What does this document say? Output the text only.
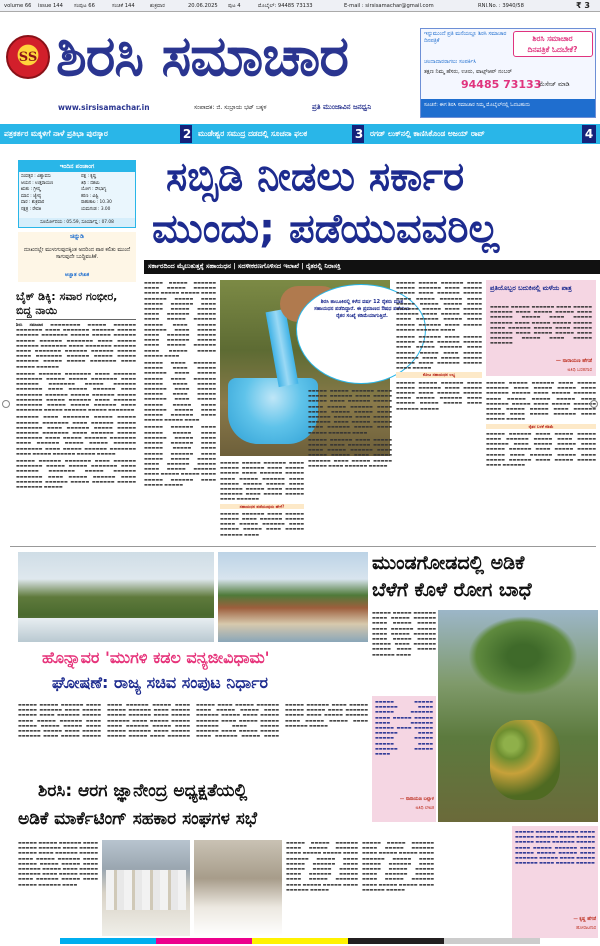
volume 66 issue 144 ಸಂಪುಟ 66	ಸಂಚಿಕೆ 144	ಶುಕ್ರವಾರ	20.06.2025 ಪುಟ 4	ಮೊಬೈಲ್: 94485 73133	E-mail : sirsisamachar@gmail.com	RNI.No. : 3940/58	₹ 3
SS ಶಿರಸಿ ಸಮಾಚಾರ
www.sirsisamachar.in	ಸಂಪಾದಕ: ಜಿ. ಸುಬ್ರಾಯ ಭಟ್ ಬಕ್ಕಳ	ಪ್ರತಿ ಮುಂಜಾವಿನ ಜನಧ್ವನಿ
ಇನ್ನುಮುಂದೆ ಪ್ರತಿ ಮನೆಯಲ್ಲೂ ಶಿರಸಿ ಸಮಾಚಾರ ದಿನಪತ್ರಿಕೆ	ಶಿರಸಿ ಸಮಾಚಾರ
ದಿನಪತ್ರಿಕೆ ಓದಬೇಕೆ?
ಚಂದಾದಾರರಾಗಲು ಸಂಪರ್ಕಿಸಿ
ತಕ್ಷಣ ನಿಮ್ಮ ಹೆಸರು, ಊರು, ವಾಟ್ಸ್‌ಆಪ್ ನಂಬರ್
94485 73133
ಮೆಸೇಜ್ ಮಾಡಿ
ಸೂಚನೆ: ಈಗ ಶಿರಸಿ ಸಮಾಚಾರ ನಿಮ್ಮ ಮೊಬೈಲ್‌ನಲ್ಲಿ ಓದಬಹುದು
ಪತ್ರಕರ್ತರ ಮಕ್ಕಳಿಗೆ ನಾಳೆ ಪ್ರತಿಭಾ ಪುರಸ್ಕಾರ	2 ಮುಡೇಶ್ವರ ಸಮುದ್ರ ದಡದಲ್ಲಿ ಸೂಚನಾ ಫಲಕ	3 ರಗಡ್ ಲುಕ್‌ನಲ್ಲಿ ಕಾಣಿಸಿಕೊಂಡ ಅಜಯ್ ರಾವ್	4
ಇಂದಿನ ಪಂಚಾಂಗ
ಸಂವತ್ಸರ : ವಿಶ್ವಾವಸು
ಆಯನ : ಉತ್ತರಾಯಣ
ಋತು : ಗ್ರೀಷ್ಮ
ಮಾಸ : ಜ್ಯೇಷ್ಠ
ವಾರ : ಶುಕ್ರವಾರ
ನಕ್ಷತ್ರ : ರೇವತಿ
ಪಕ್ಷ : ಕೃಷ್ಣ
ತಿಥಿ : ದಶಮಿ
ಯೋಗ : ಸೌಭಾಗ್ಯ
ಕರಣ : ವಿಷ್ಟಿ
ರಾಹುಕಾಲ : 10.30
ಯಮಗಂಡ : 3.00
ಸೂರ್ಯೋದಯ : 05.59, ಸೂರ್ಯಾಸ್ತ : 07.08
ಚಿನ್ನುಡಿ
ದುಃಖದಲ್ಲೇ ಮುಳುಗುವುದಕ್ಕಿಂತ ಅದರಿಂದ ಪಾಠ ಕಲಿತು ಮುಂದೆ ಸಾಗುವುದೇ ಬುದ್ಧಿವಂತಿಕೆ.
ಅಜ್ಞಾತ ಲೇಖಕ
ಸಬ್ಸಿಡಿ ನೀಡಲು ಸರ್ಕಾರ
ಮುಂದು; ಪಡೆಯುವವರಿಲ್ಲ
ಸರ್ಕಾರದಿಂದ ಮೈಲುತುತ್ತಕ್ಕೆ ಸಹಾಯಧನ | ಸದಳೀಕರಣಗೊಳಿಸದ ಇಲಾಖೆ | ರೈತರಲ್ಲಿ ನಿರಾಸಕ್ತಿ
ಬೈಕ್ ಡಿಕ್ಕಿ: ಸವಾರ ಗಂಭೀರ, ಬಿದ್ದ ನಾಯಿ

ಶಿರಸಿ ಸಮಾಚಾರ ▬▬▬▬▬▬▬▬ ▬▬▬▬▬ ▬▬▬▬▬▬ ▬▬▬▬▬▬▬ ▬▬▬▬ ▬▬▬▬▬▬▬ ▬▬▬▬▬▬ ▬▬▬▬▬ ▬▬▬▬▬▬ ▬▬▬▬▬▬▬ ▬▬▬▬▬ ▬▬▬▬▬ ▬▬▬▬▬▬ ▬▬▬▬▬ ▬▬▬▬▬▬ ▬▬▬▬▬▬▬ ▬▬▬▬ ▬▬▬▬▬ ▬▬▬▬▬▬ ▬▬▬▬▬▬▬ ▬▬▬▬ ▬▬▬▬▬▬▬ ▬▬▬▬▬▬ ▬▬▬▬ ▬▬▬▬▬▬▬ ▬▬▬▬▬▬ ▬▬▬▬▬▬ ▬▬▬▬▬ ▬▬▬▬ ▬▬▬▬▬▬▬ ▬▬▬▬▬▬ ▬▬▬▬▬ ▬▬▬▬▬ ▬▬▬▬▬▬ ▬▬▬▬▬ ▬▬▬▬▬ ▬▬▬▬▬▬▬ ▬▬▬▬ ▬▬▬▬▬ ▬▬▬▬▬▬

▬▬▬▬▬ ▬▬▬▬▬▬ ▬▬▬▬▬▬▬ ▬▬▬▬ ▬▬▬▬▬▬ ▬▬▬▬▬▬▬ ▬▬▬▬▬ ▬▬▬▬▬ ▬▬▬▬▬▬▬ ▬▬▬▬ ▬▬▬▬▬▬ ▬▬▬▬▬▬▬ ▬▬▬▬▬ ▬▬▬▬▬▬ ▬▬▬▬▬▬▬ ▬▬▬▬ ▬▬▬▬▬ ▬▬▬▬▬▬ ▬▬▬▬ ▬▬▬▬▬▬▬ ▬▬▬▬▬▬ ▬▬▬▬▬ ▬▬▬▬▬▬ ▬▬▬▬▬ ▬▬▬▬▬▬▬ ▬▬▬▬▬ ▬▬▬▬▬▬ ▬▬▬▬ ▬▬▬▬▬▬ ▬▬▬▬▬▬▬ ▬▬▬▬▬ ▬▬▬▬▬ ▬▬▬▬▬▬ ▬▬▬▬ ▬▬▬▬▬▬▬ ▬▬▬▬▬ ▬▬▬▬▬▬ ▬▬▬▬▬ ▬▬▬▬▬▬▬

▬▬▬▬▬▬ ▬▬▬▬ ▬▬▬▬▬▬▬ ▬▬▬▬▬ ▬▬▬▬▬ ▬▬▬▬▬▬ ▬▬▬▬▬▬▬ ▬▬▬▬ ▬▬▬▬▬▬ ▬▬▬▬▬ ▬▬▬▬▬▬▬ ▬▬▬▬ ▬▬▬▬▬▬ ▬▬▬▬▬ ▬▬▬▬▬ ▬▬▬▬▬▬ ▬▬▬▬▬▬▬ ▬▬▬▬ ▬▬▬▬▬▬ ▬▬▬▬▬ ▬▬▬▬▬▬▬ ▬▬▬▬ ▬▬▬▬▬ ▬▬▬▬▬▬ ▬▬▬▬▬▬▬ ▬▬▬▬ ▬▬▬▬▬▬ ▬▬▬▬▬ ▬▬▬▬▬ ▬▬▬▬▬▬ ▬▬▬▬▬▬▬ ▬▬▬▬ ▬▬▬▬▬ ▬▬▬▬▬▬ ▬▬▬▬▬▬▬ ▬▬▬▬ ▬▬▬▬▬ ▬▬▬▬▬▬ ▬▬▬▬▬ ▬▬▬▬▬

▬▬▬▬▬ ▬▬▬▬▬▬ ▬▬▬▬▬▬▬ ▬▬▬▬ ▬▬▬▬▬▬ ▬▬▬▬▬▬▬ ▬▬▬▬▬ ▬▬▬▬▬ ▬▬▬▬▬▬▬ ▬▬▬▬ ▬▬▬▬▬▬ ▬▬▬▬▬▬▬ ▬▬▬▬▬ ▬▬▬▬▬▬ ▬▬▬▬▬▬▬ ▬▬▬▬ ▬▬▬▬▬ ▬▬▬▬▬▬ ▬▬▬▬ ▬▬▬▬▬▬▬ ▬▬▬▬▬▬ ▬▬▬▬▬ ▬▬▬▬▬▬ ▬▬▬▬▬ ▬▬▬▬▬▬▬ ▬▬▬▬▬

ಶಿರಸಿ ತಾಲೂಕಿನಲ್ಲಿ ಕಳೆದ ವರ್ಷ 12 ರೈತರು ಮಾತ್ರ ಸಹಾಯಧನ ಪಡೆದಿದ್ದಾರೆ. ಈ ಪ್ರಮಾಣದ ಔಷಧ ಪಡೆಯಲು ರೈತರ ಸಂಖ್ಯೆ ಕಡಿಮೆಯಾಗುತ್ತಿದೆ.

▬▬▬▬▬ ▬▬▬▬▬ ▬▬▬▬▬▬ ▬▬▬▬ ▬▬▬▬▬ ▬▬▬▬▬▬ ▬▬▬▬ ▬▬▬▬▬ ▬▬▬▬▬ ▬▬▬▬ ▬▬▬▬▬▬ ▬▬▬▬▬ ▬▬▬▬ ▬▬▬▬▬ ▬▬▬▬▬▬ ▬▬▬▬ ▬▬▬▬▬ ▬▬▬▬▬ ▬▬▬▬▬ ▬▬▬▬ ▬▬▬▬▬▬ ▬▬▬▬▬ ▬▬▬▬ ▬▬▬▬▬ ▬▬▬▬▬▬ ▬▬▬▬▬ ▬▬▬▬ ▬▬▬▬▬ ▬▬▬▬▬▬ ▬▬▬▬ ▬▬▬▬▬ ▬▬▬▬ ▬▬▬▬▬▬ ▬▬▬▬▬ ▬▬▬▬ ▬▬▬▬▬▬ ▬▬▬▬▬ ▬▬▬▬ ▬▬▬▬▬ ▬▬▬▬▬▬ ▬▬▬▬ ▬▬▬▬▬ ▬▬▬▬▬ ▬▬▬▬▬ ▬▬▬▬

▬▬▬▬▬ ▬▬▬▬ ▬▬▬▬▬▬ ▬▬▬▬▬ ▬▬▬▬ ▬▬▬▬▬ ▬▬▬▬▬▬ ▬▬▬▬ ▬▬▬▬▬ ▬▬▬▬▬ ▬▬▬▬ ▬▬▬▬▬▬ ▬▬▬▬▬ ▬▬▬▬ ▬▬▬▬▬ ▬▬▬▬▬▬ ▬▬▬▬ ▬▬▬▬▬ ▬▬▬▬▬ ▬▬▬▬ ▬▬▬▬▬ ▬▬▬▬▬▬ ▬▬▬▬ ▬▬▬▬▬ ▬▬▬▬▬ ▬▬▬▬▬ ▬▬▬▬ ▬▬▬▬▬▬ ▬▬▬▬▬ ▬▬▬▬ ▬▬▬▬▬ ▬▬▬▬▬▬ ▬▬▬▬ ▬▬▬▬▬ ▬▬▬▬▬ ▬▬▬▬

▬▬▬▬▬ ▬▬▬▬▬▬ ▬▬▬▬ ▬▬▬▬▬ ▬▬▬▬▬ ▬▬▬▬ ▬▬▬▬▬▬ ▬▬▬▬▬ ▬▬▬▬ ▬▬▬▬▬ ▬▬▬▬▬▬ ▬▬▬▬ ▬▬▬▬▬ ▬▬▬▬▬ ▬▬▬▬ ▬▬▬▬▬ ▬▬▬▬▬▬ ▬▬▬▬ ▬▬▬▬▬ ▬▬▬▬▬ ▬▬▬▬▬ ▬▬▬▬ ▬▬▬▬▬▬ ▬▬▬▬▬ ▬▬▬▬ ▬▬▬▬▬ ▬▬▬▬▬▬ ▬▬▬▬ ▬▬▬▬▬ ▬▬▬▬▬ ▬▬▬▬ ▬▬▬▬▬ ▬▬▬▬▬▬ ▬▬▬▬ ▬▬▬▬▬ ▬▬▬▬▬

▬▬▬▬▬ ▬▬▬▬▬ ▬▬▬▬▬▬ ▬▬▬▬ ▬▬▬▬▬ ▬▬▬▬▬▬ ▬▬▬▬ ▬▬▬▬▬ ▬▬▬▬▬ ▬▬▬▬ ▬▬▬▬▬▬ ▬▬▬▬▬ ▬▬▬▬ ▬▬▬▬▬ ▬▬▬▬▬▬ ▬▬▬▬ ▬▬▬▬▬ ▬▬▬▬▬ ▬▬▬▬▬ ▬▬▬▬ ▬▬▬▬▬▬ ▬▬▬▬▬ ▬▬▬▬ ▬▬▬▬▬ ▬▬▬▬▬▬ ▬▬▬▬ ▬▬▬▬▬ ▬▬▬▬▬ ▬▬▬▬ ▬▬▬▬▬▬

ಸಹಾಯಧನ ಪಡೆಯುವುದು ಹೇಗೆ?

▬▬▬▬▬ ▬▬▬▬▬▬ ▬▬▬▬ ▬▬▬▬▬ ▬▬▬▬▬ ▬▬▬▬ ▬▬▬▬▬▬ ▬▬▬▬▬ ▬▬▬▬ ▬▬▬▬▬ ▬▬▬▬▬▬ ▬▬▬▬ ▬▬▬▬▬ ▬▬▬▬▬ ▬▬▬▬ ▬▬▬▬▬ ▬▬▬▬▬▬ ▬▬▬▬

▬▬▬▬▬ ▬▬▬▬▬ ▬▬▬▬▬▬ ▬▬▬▬ ▬▬▬▬▬ ▬▬▬▬▬▬ ▬▬▬▬ ▬▬▬▬▬ ▬▬▬▬▬ ▬▬▬▬ ▬▬▬▬▬▬ ▬▬▬▬▬ ▬▬▬▬ ▬▬▬▬▬ ▬▬▬▬▬▬ ▬▬▬▬ ▬▬▬▬▬ ▬▬▬▬▬ ▬▬▬▬▬ ▬▬▬▬ ▬▬▬▬▬▬ ▬▬▬▬▬ ▬▬▬▬ ▬▬▬▬▬ ▬▬▬▬▬▬ ▬▬▬▬ ▬▬▬▬▬ ▬▬▬▬▬ ▬▬▬▬ ▬▬▬▬▬▬ ▬▬▬▬▬ ▬▬▬▬ ▬▬▬▬▬ ▬▬▬▬▬▬ ▬▬▬▬

▬▬▬▬▬ ▬▬▬▬▬▬ ▬▬▬▬ ▬▬▬▬▬ ▬▬▬▬▬ ▬▬▬▬ ▬▬▬▬▬▬ ▬▬▬▬▬ ▬▬▬▬ ▬▬▬▬▬ ▬▬▬▬▬▬ ▬▬▬▬ ▬▬▬▬▬ ▬▬▬▬▬ ▬▬▬▬ ▬▬▬▬▬ ▬▬▬▬▬▬ ▬▬▬▬ ▬▬▬▬▬ ▬▬▬▬▬ ▬▬▬▬▬ ▬▬▬▬ ▬▬▬▬▬▬ ▬▬▬▬▬

▬▬▬▬▬ ▬▬▬▬▬ ▬▬▬▬▬▬ ▬▬▬▬ ▬▬▬▬▬ ▬▬▬▬▬▬ ▬▬▬▬ ▬▬▬▬▬ ▬▬▬▬▬ ▬▬▬▬ ▬▬▬▬▬▬ ▬▬▬▬▬ ▬▬▬▬ ▬▬▬▬▬ ▬▬▬▬▬▬ ▬▬▬▬ ▬▬▬▬▬ ▬▬▬▬▬ ▬▬▬▬▬ ▬▬▬▬ ▬▬▬▬▬▬ ▬▬▬▬▬ ▬▬▬▬ ▬▬▬▬▬ ▬▬▬▬▬▬ ▬▬▬▬ ▬▬▬▬▬ ▬▬▬▬▬ ▬▬▬▬ ▬▬▬▬▬▬ ▬▬▬▬▬ ▬▬▬▬ ▬▬▬▬▬ ▬▬▬▬▬▬ ▬▬▬▬ ▬▬▬▬▬ ▬▬▬▬▬ ▬▬▬▬▬▬ ▬▬▬▬

▬▬▬▬▬ ▬▬▬▬▬▬ ▬▬▬▬ ▬▬▬▬▬ ▬▬▬▬▬ ▬▬▬▬ ▬▬▬▬▬▬ ▬▬▬▬▬ ▬▬▬▬ ▬▬▬▬▬ ▬▬▬▬▬▬ ▬▬▬▬ ▬▬▬▬▬ ▬▬▬▬▬ ▬▬▬▬ ▬▬▬▬▬ ▬▬▬▬▬▬ ▬▬▬▬ ▬▬▬▬▬ ▬▬▬▬▬ ▬▬▬▬▬ ▬▬▬▬ ▬▬▬▬▬▬ ▬▬▬▬▬ ▬▬▬▬ ▬▬▬▬▬

ಕೋಟ ಸಹಾಯಧನ ಲಭ್ಯ

▬▬▬▬▬ ▬▬▬▬▬ ▬▬▬▬▬▬ ▬▬▬▬ ▬▬▬▬▬ ▬▬▬▬▬▬ ▬▬▬▬ ▬▬▬▬▬ ▬▬▬▬▬ ▬▬▬▬ ▬▬▬▬▬▬ ▬▬▬▬▬ ▬▬▬▬ ▬▬▬▬▬ ▬▬▬▬▬▬ ▬▬▬▬ ▬▬▬▬▬ ▬▬▬▬▬ ▬▬▬▬▬ ▬▬▬▬ ▬▬▬▬▬▬ ▬▬▬▬▬

ಪ್ರತಿಯೊಬ್ಬರ ಬದುಕಿನಲ್ಲಿ ಮಳೆಯ ಪಾತ್ರ

▬▬▬▬▬ ▬▬▬▬▬ ▬▬▬▬▬▬ ▬▬▬▬ ▬▬▬▬▬ ▬▬▬▬▬▬ ▬▬▬▬ ▬▬▬▬▬ ▬▬▬▬▬ ▬▬▬▬ ▬▬▬▬▬▬ ▬▬▬▬▬ ▬▬▬▬ ▬▬▬▬▬ ▬▬▬▬▬▬ ▬▬▬▬ ▬▬▬▬▬ ▬▬▬▬▬ ▬▬▬▬▬ ▬▬▬▬ ▬▬▬▬▬▬ ▬▬▬▬▬ ▬▬▬▬ ▬▬▬▬▬ ▬▬▬▬▬▬ ▬▬▬▬ ▬▬▬▬▬ ▬▬▬▬▬ ▬▬▬▬ ▬▬▬▬▬▬ ▬▬▬▬▬ ▬▬▬▬ ▬▬▬▬▬ ▬▬▬▬▬▬

— ನಾರಾಯಣ ಹೆಗಡೆ
ಅತಿಥಿ ಬರಹಗಾರ

▬▬▬▬▬ ▬▬▬▬▬ ▬▬▬▬▬▬ ▬▬▬▬ ▬▬▬▬▬ ▬▬▬▬▬▬ ▬▬▬▬ ▬▬▬▬▬ ▬▬▬▬▬ ▬▬▬▬ ▬▬▬▬▬▬ ▬▬▬▬▬ ▬▬▬▬ ▬▬▬▬▬ ▬▬▬▬▬▬ ▬▬▬▬ ▬▬▬▬▬ ▬▬▬▬▬ ▬▬▬▬▬ ▬▬▬▬ ▬▬▬▬▬▬ ▬▬▬▬▬ ▬▬▬▬ ▬▬▬▬▬ ▬▬▬▬▬▬ ▬▬▬▬ ▬▬▬▬▬ ▬▬▬▬▬ ▬▬▬▬ ▬▬▬▬▬▬ ▬▬▬▬▬ ▬▬▬▬ ▬▬▬▬▬ ▬▬▬▬▬▬ ▬▬▬▬ ▬▬▬▬▬ ▬▬▬▬▬

ರೈತರ ಬಳಕೆ ಕಡಿಮೆ

▬▬▬▬▬ ▬▬▬▬▬▬ ▬▬▬▬ ▬▬▬▬▬ ▬▬▬▬▬ ▬▬▬▬ ▬▬▬▬▬▬ ▬▬▬▬▬ ▬▬▬▬ ▬▬▬▬▬ ▬▬▬▬▬▬ ▬▬▬▬ ▬▬▬▬▬ ▬▬▬▬▬ ▬▬▬▬ ▬▬▬▬▬ ▬▬▬▬▬▬ ▬▬▬▬ ▬▬▬▬▬ ▬▬▬▬▬ ▬▬▬▬▬ ▬▬▬▬ ▬▬▬▬▬▬ ▬▬▬▬▬ ▬▬▬▬ ▬▬▬▬▬ ▬▬▬▬▬▬ ▬▬▬▬ ▬▬▬▬▬ ▬▬▬▬▬ ▬▬▬▬ ▬▬▬▬▬▬

ಮುಂಡಗೋಡದಲ್ಲಿ ಅಡಿಕೆ
ಬೆಳೆಗೆ ಕೊಳೆ ರೋಗ ಬಾಧೆ

▬▬▬▬▬ ▬▬▬▬▬ ▬▬▬▬▬▬ ▬▬▬▬ ▬▬▬▬▬ ▬▬▬▬▬▬ ▬▬▬▬ ▬▬▬▬▬ ▬▬▬▬▬ ▬▬▬▬ ▬▬▬▬▬▬ ▬▬▬▬▬ ▬▬▬▬ ▬▬▬▬▬ ▬▬▬▬▬▬ ▬▬▬▬ ▬▬▬▬▬ ▬▬▬▬▬ ▬▬▬▬▬ ▬▬▬▬ ▬▬▬▬▬▬ ▬▬▬▬▬ ▬▬▬▬ ▬▬▬▬▬ ▬▬▬▬▬▬ ▬▬▬▬

▬▬▬▬▬ ▬▬▬▬▬ ▬▬▬▬▬▬ ▬▬▬▬ ▬▬▬▬▬ ▬▬▬▬▬▬ ▬▬▬▬ ▬▬▬▬▬ ▬▬▬▬▬ ▬▬▬▬ ▬▬▬▬▬▬ ▬▬▬▬▬ ▬▬▬▬ ▬▬▬▬▬ ▬▬▬▬▬▬ ▬▬▬▬ ▬▬▬▬▬ ▬▬▬▬▬ ▬▬▬▬▬ ▬▬▬▬ ▬▬▬▬▬▬ ▬▬▬▬▬ ▬▬▬▬

— ನಾರಾಯಣ ಬಲ್ಲಾಳ
ಅತಿಥಿ ಲೇಖಕ
ಹೊನ್ನಾವರ 'ಮುಗಳಿ ಕಡಲ ವನ್ಯಜೀವಿಧಾಮ'
ಘೋಷಣೆ: ರಾಜ್ಯ ಸಚಿವ ಸಂಪುಟ ನಿರ್ಧಾರ

▬▬▬▬▬ ▬▬▬▬▬ ▬▬▬▬▬▬ ▬▬▬▬ ▬▬▬▬▬ ▬▬▬▬▬▬ ▬▬▬▬ ▬▬▬▬▬ ▬▬▬▬▬ ▬▬▬▬ ▬▬▬▬▬▬ ▬▬▬▬▬ ▬▬▬▬ ▬▬▬▬▬ ▬▬▬▬▬▬ ▬▬▬▬ ▬▬▬▬▬ ▬▬▬▬▬ ▬▬▬▬▬ ▬▬▬▬ ▬▬▬▬▬▬ ▬▬▬▬▬ ▬▬▬▬ ▬▬▬▬▬ ▬▬▬▬▬▬ ▬▬▬▬ ▬▬▬▬▬ ▬▬▬▬▬ ▬▬▬▬ ▬▬▬▬▬▬ ▬▬▬▬▬ ▬▬▬▬ ▬▬▬▬▬ ▬▬▬▬▬▬ ▬▬▬▬ ▬▬▬▬▬ ▬▬▬▬▬ ▬▬▬▬▬▬ ▬▬▬▬ ▬▬▬▬▬ ▬▬▬▬▬▬ ▬▬▬▬ ▬▬▬▬▬ ▬▬▬▬▬ ▬▬▬▬ ▬▬▬▬▬▬ ▬▬▬▬▬ ▬▬▬▬ ▬▬▬▬▬ ▬▬▬▬▬▬ ▬▬▬▬ ▬▬▬▬▬ ▬▬▬▬▬ ▬▬▬▬▬ ▬▬▬▬ ▬▬▬▬▬▬ ▬▬▬▬▬ ▬▬▬▬ ▬▬▬▬▬ ▬▬▬▬▬▬ ▬▬▬▬ ▬▬▬▬▬ ▬▬▬▬▬ ▬▬▬▬ ▬▬▬▬▬▬ ▬▬▬▬▬ ▬▬▬▬ ▬▬▬▬▬ ▬▬▬▬▬▬ ▬▬▬▬ ▬▬▬▬▬ ▬▬▬▬▬ ▬▬▬▬▬▬ ▬▬▬▬ ▬▬▬▬▬ ▬▬▬▬▬▬ ▬▬▬▬ ▬▬▬▬▬ ▬▬▬▬▬ ▬▬▬▬ ▬▬▬▬▬▬ ▬▬▬▬▬ ▬▬▬▬ ▬▬▬▬▬ ▬▬▬▬▬▬ ▬▬▬▬ ▬▬▬▬▬ ▬▬▬▬▬ ▬▬▬▬▬ ▬▬▬▬ ▬▬▬▬▬▬ ▬▬▬▬▬ ▬▬▬▬ ▬▬▬▬▬ ▬▬▬▬▬▬ ▬▬▬▬ ▬▬▬▬▬ ▬▬▬▬▬ ▬▬▬▬ ▬▬▬▬▬▬ ▬▬▬▬▬

ಶಿರಸಿ: ಆರಗ ಜ್ಞಾನೇಂದ್ರ ಅಧ್ಯಕ್ಷತೆಯಲ್ಲಿ
ಅಡಿಕೆ ಮಾರ್ಕೆಟಿಂಗ್ ಸಹಕಾರ ಸಂಘಗಳ ಸಭೆ

▬▬▬▬▬ ▬▬▬▬▬ ▬▬▬▬▬▬ ▬▬▬▬ ▬▬▬▬▬ ▬▬▬▬▬▬ ▬▬▬▬ ▬▬▬▬▬ ▬▬▬▬▬ ▬▬▬▬ ▬▬▬▬▬▬ ▬▬▬▬▬ ▬▬▬▬ ▬▬▬▬▬ ▬▬▬▬▬▬ ▬▬▬▬ ▬▬▬▬▬ ▬▬▬▬▬ ▬▬▬▬▬ ▬▬▬▬ ▬▬▬▬▬▬ ▬▬▬▬▬ ▬▬▬▬ ▬▬▬▬▬ ▬▬▬▬▬▬ ▬▬▬▬ ▬▬▬▬▬ ▬▬▬▬▬ ▬▬▬▬ ▬▬▬▬▬▬ ▬▬▬▬▬ ▬▬▬▬ ▬▬▬▬▬ ▬▬▬▬▬▬ ▬▬▬▬

▬▬▬▬▬ ▬▬▬▬▬ ▬▬▬▬▬▬ ▬▬▬▬ ▬▬▬▬▬ ▬▬▬▬▬▬ ▬▬▬▬ ▬▬▬▬▬ ▬▬▬▬▬ ▬▬▬▬ ▬▬▬▬▬▬ ▬▬▬▬▬ ▬▬▬▬ ▬▬▬▬▬ ▬▬▬▬▬▬ ▬▬▬▬ ▬▬▬▬▬ ▬▬▬▬▬ ▬▬▬▬▬ ▬▬▬▬ ▬▬▬▬▬▬ ▬▬▬▬▬ ▬▬▬▬ ▬▬▬▬▬ ▬▬▬▬▬▬ ▬▬▬▬ ▬▬▬▬▬ ▬▬▬▬▬ ▬▬▬▬ ▬▬▬▬▬▬ ▬▬▬▬▬

▬▬▬▬▬ ▬▬▬▬▬ ▬▬▬▬▬▬ ▬▬▬▬ ▬▬▬▬▬ ▬▬▬▬▬▬ ▬▬▬▬ ▬▬▬▬▬ ▬▬▬▬▬ ▬▬▬▬ ▬▬▬▬▬▬ ▬▬▬▬▬ ▬▬▬▬ ▬▬▬▬▬ ▬▬▬▬▬▬ ▬▬▬▬ ▬▬▬▬▬ ▬▬▬▬▬ ▬▬▬▬▬ ▬▬▬▬ ▬▬▬▬▬▬ ▬▬▬▬▬ ▬▬▬▬ ▬▬▬▬▬ ▬▬▬▬▬▬ ▬▬▬▬ ▬▬▬▬▬ ▬▬▬▬▬ ▬▬▬▬ ▬▬▬▬▬▬ ▬▬▬▬▬

▬▬▬▬▬ ▬▬▬▬▬ ▬▬▬▬▬▬ ▬▬▬▬ ▬▬▬▬▬ ▬▬▬▬▬▬ ▬▬▬▬ ▬▬▬▬▬ ▬▬▬▬▬ ▬▬▬▬ ▬▬▬▬▬▬ ▬▬▬▬▬ ▬▬▬▬ ▬▬▬▬▬ ▬▬▬▬▬▬ ▬▬▬▬ ▬▬▬▬▬ ▬▬▬▬▬ ▬▬▬▬▬ ▬▬▬▬ ▬▬▬▬▬▬ ▬▬▬▬▬ ▬▬▬▬ ▬▬▬▬▬ ▬▬▬▬▬▬ ▬▬▬▬ ▬▬▬▬▬ ▬▬▬▬▬

— ಕೃಷ್ಣ ಹೆಗಡೆ
ಹೋರಾಟಗಾರ
